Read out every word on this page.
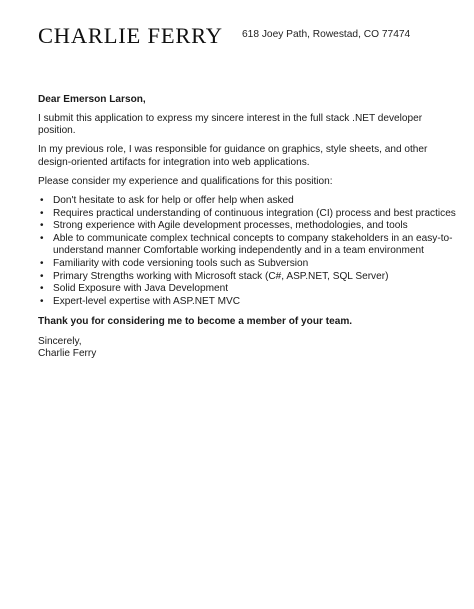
CHARLIE FERRY 618 Joey Path, Rowestad, CO 77474

Dear Emerson Larson,

I submit this application to express my sincere interest in the full stack .NET developer position.

In my previous role, I was responsible for guidance on graphics, style sheets, and other design-oriented artifacts for integration into web applications.

Please consider my experience and qualifications for this position:

• Don't hesitate to ask for help or offer help when asked
• Requires practical understanding of continuous integration (CI) process and best practices
• Strong experience with Agile development processes, methodologies, and tools
• Able to communicate complex technical concepts to company stakeholders in an easy-to-understand manner Comfortable working independently and in a team environment
• Familiarity with code versioning tools such as Subversion
• Primary Strengths working with Microsoft stack (C#, ASP.NET, SQL Server)
• Solid Exposure with Java Development
• Expert-level expertise with ASP.NET MVC

Thank you for considering me to become a member of your team.

Sincerely,

Charlie Ferry
